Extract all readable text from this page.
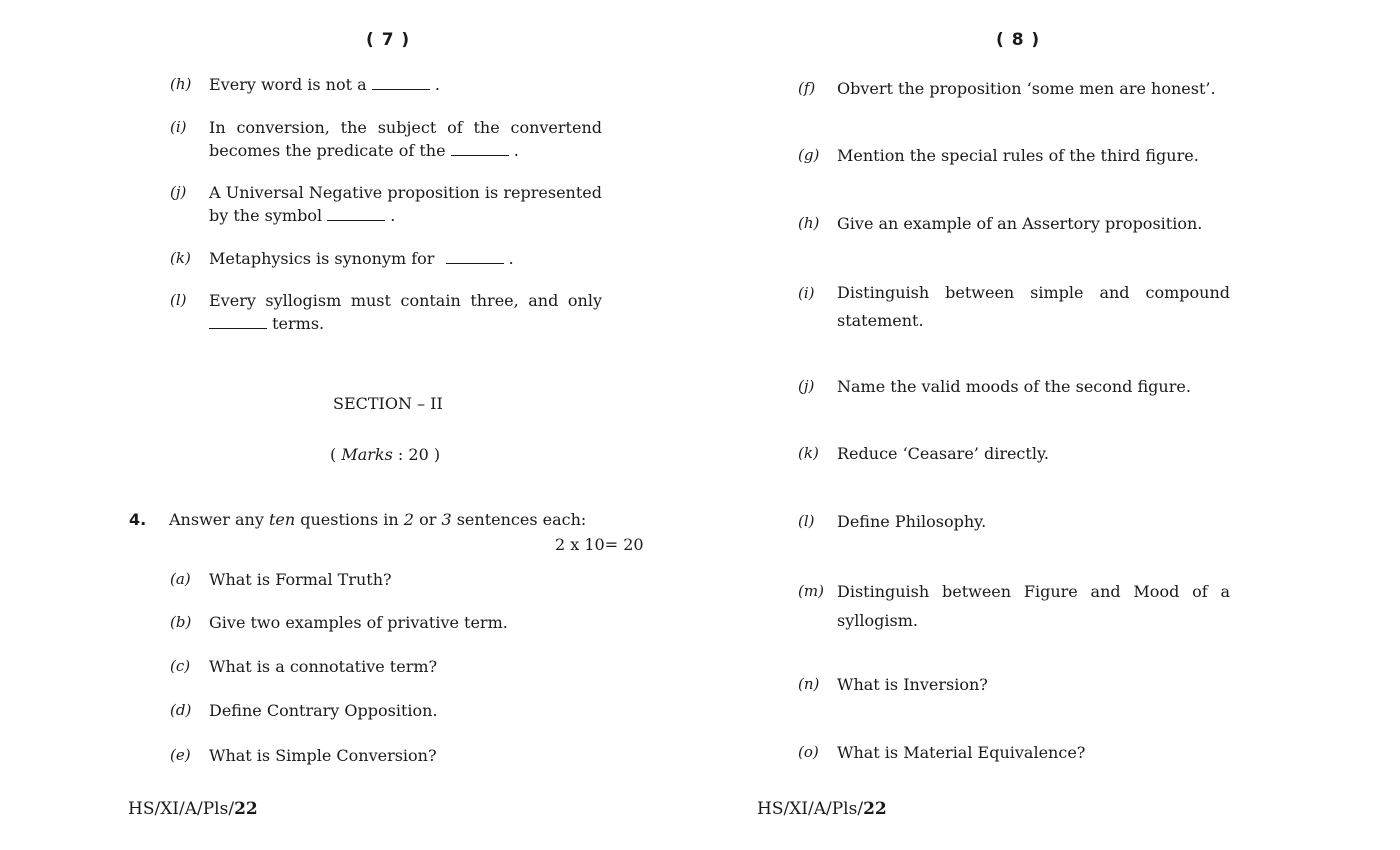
( 7 )
(h) Every word is not a	.
(i) In conversion, the subject of the convertend becomes the predicate of the	.
(j) A Universal Negative proposition is represented by the symbol	.
(k) Metaphysics is synonym for	.
(l) Every syllogism must contain three, and only  terms.
SECTION – II
( Marks : 20 )
4. Answer any ten questions in 2 or 3 sentences each:
2 x 10= 20
(a) What is Formal Truth?
(b) Give two examples of privative term.
(c) What is a connotative term?
(d) Define Contrary Opposition.
(e) What is Simple Conversion?
HS/XI/A/Pls/22
( 8 )
(f) Obvert the proposition ‘some men are honest’.
(g) Mention the special rules of the third figure.
(h) Give an example of an Assertory proposition.
(i) Distinguish between simple and compound statement.
(j) Name the valid moods of the second figure.
(k) Reduce ‘Ceasare’ directly.
(l) Define Philosophy.
(m) Distinguish between Figure and Mood of a syllogism.
(n) What is Inversion?
(o) What is Material Equivalence?
HS/XI/A/Pls/22
